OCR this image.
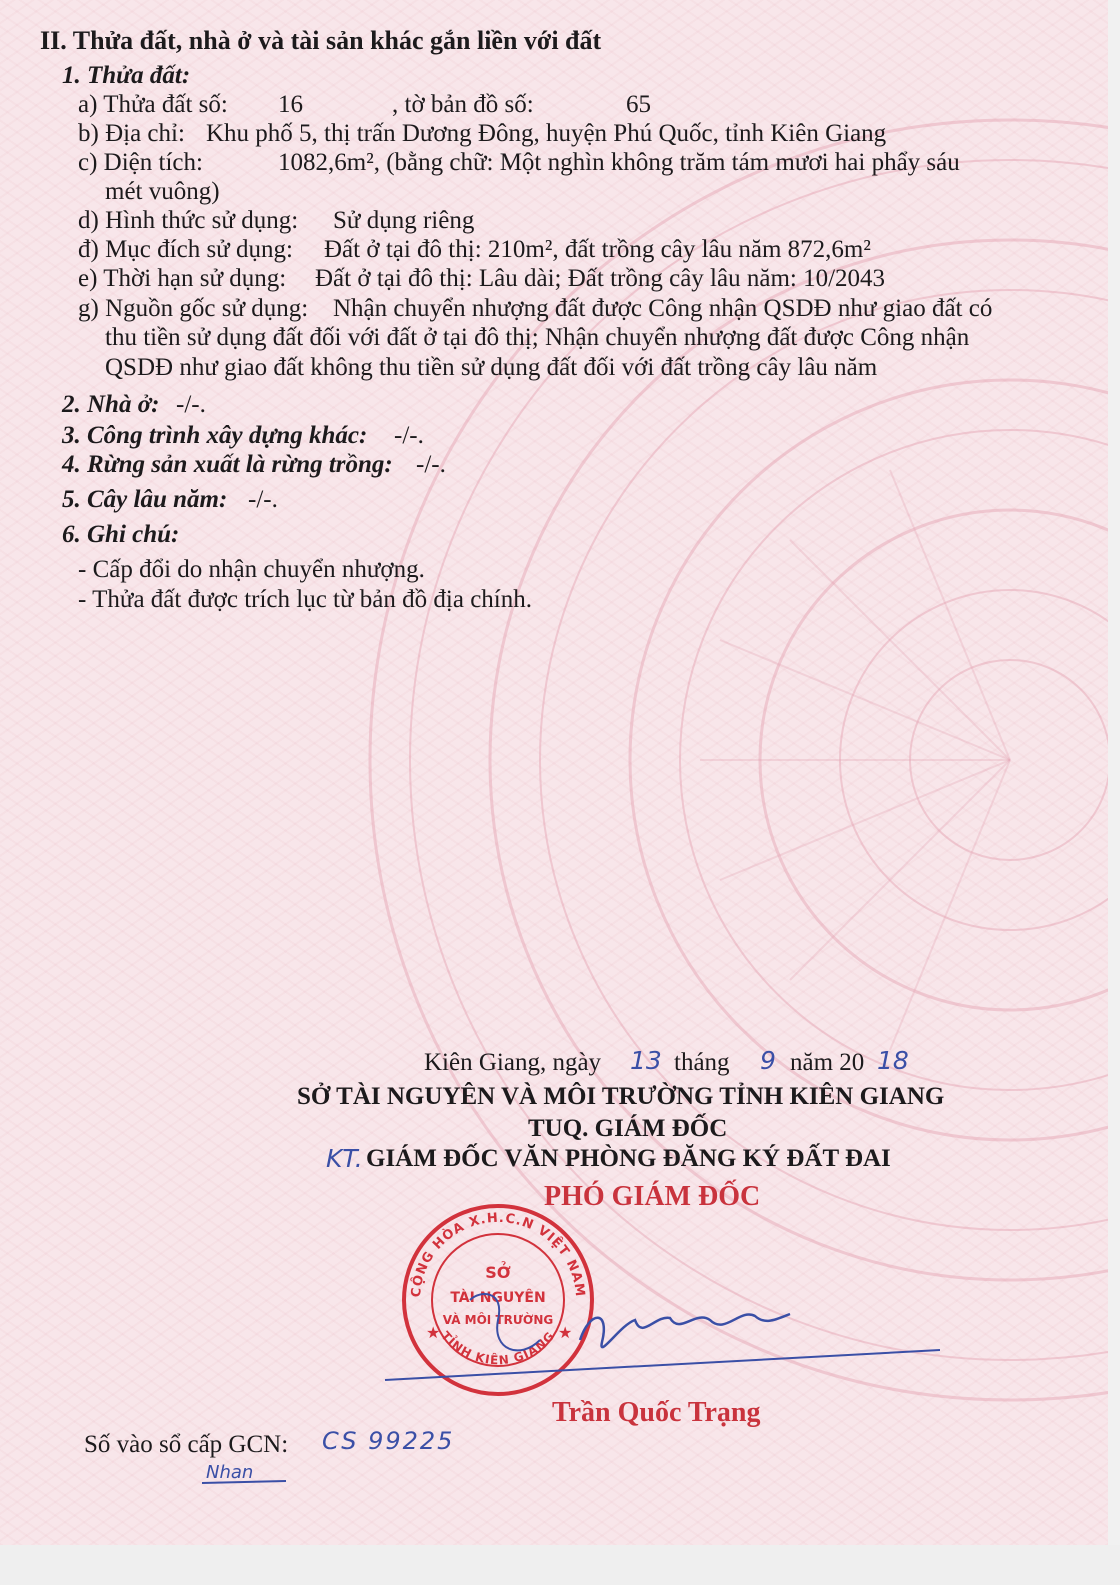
II. Thửa đất, nhà ở và tài sản khác gắn liền với đất
1. Thửa đất:
a) Thửa đất số: 16	, tờ bản đồ số:	65
b) Địa chỉ: Khu phố 5, thị trấn Dương Đông, huyện Phú Quốc, tỉnh Kiên Giang
c) Diện tích:	1082,6m², (bằng chữ: Một nghìn không trăm tám mươi hai phẩy sáu
mét vuông)
d) Hình thức sử dụng: Sử dụng riêng
đ) Mục đích sử dụng: Đất ở tại đô thị: 210m², đất trồng cây lâu năm 872,6m²
e) Thời hạn sử dụng: Đất ở tại đô thị: Lâu dài; Đất trồng cây lâu năm: 10/2043
g) Nguồn gốc sử dụng: Nhận chuyển nhượng đất được Công nhận QSDĐ như giao đất có
thu tiền sử dụng đất đối với đất ở tại đô thị; Nhận chuyển nhượng đất được Công nhận
QSDĐ như giao đất không thu tiền sử dụng đất đối với đất trồng cây lâu năm
2. Nhà ở: -/-.
3. Công trình xây dựng khác: -/-.
4. Rừng sản xuất là rừng trồng: -/-.
5. Cây lâu năm: -/-.
6. Ghi chú:
- Cấp đổi do nhận chuyển nhượng.
- Thửa đất được trích lục từ bản đồ địa chính.
Kiên Giang, ngày 13 tháng 9 năm 20 18
SỞ TÀI NGUYÊN VÀ MÔI TRƯỜNG TỈNH KIÊN GIANG
TUQ. GIÁM ĐỐC
KT. GIÁM ĐỐC VĂN PHÒNG ĐĂNG KÝ ĐẤT ĐAI
PHÓ GIÁM ĐỐC
CỘNG HÒA X.H.C.N VIỆT NAM
TỈNH KIÊN GIANG
SỞ
TÀI NGUYÊN
VÀ MÔI TRƯỜNG
★	★
Trần Quốc Trạng
Số vào sổ cấp GCN: CS 99225
Nhan
